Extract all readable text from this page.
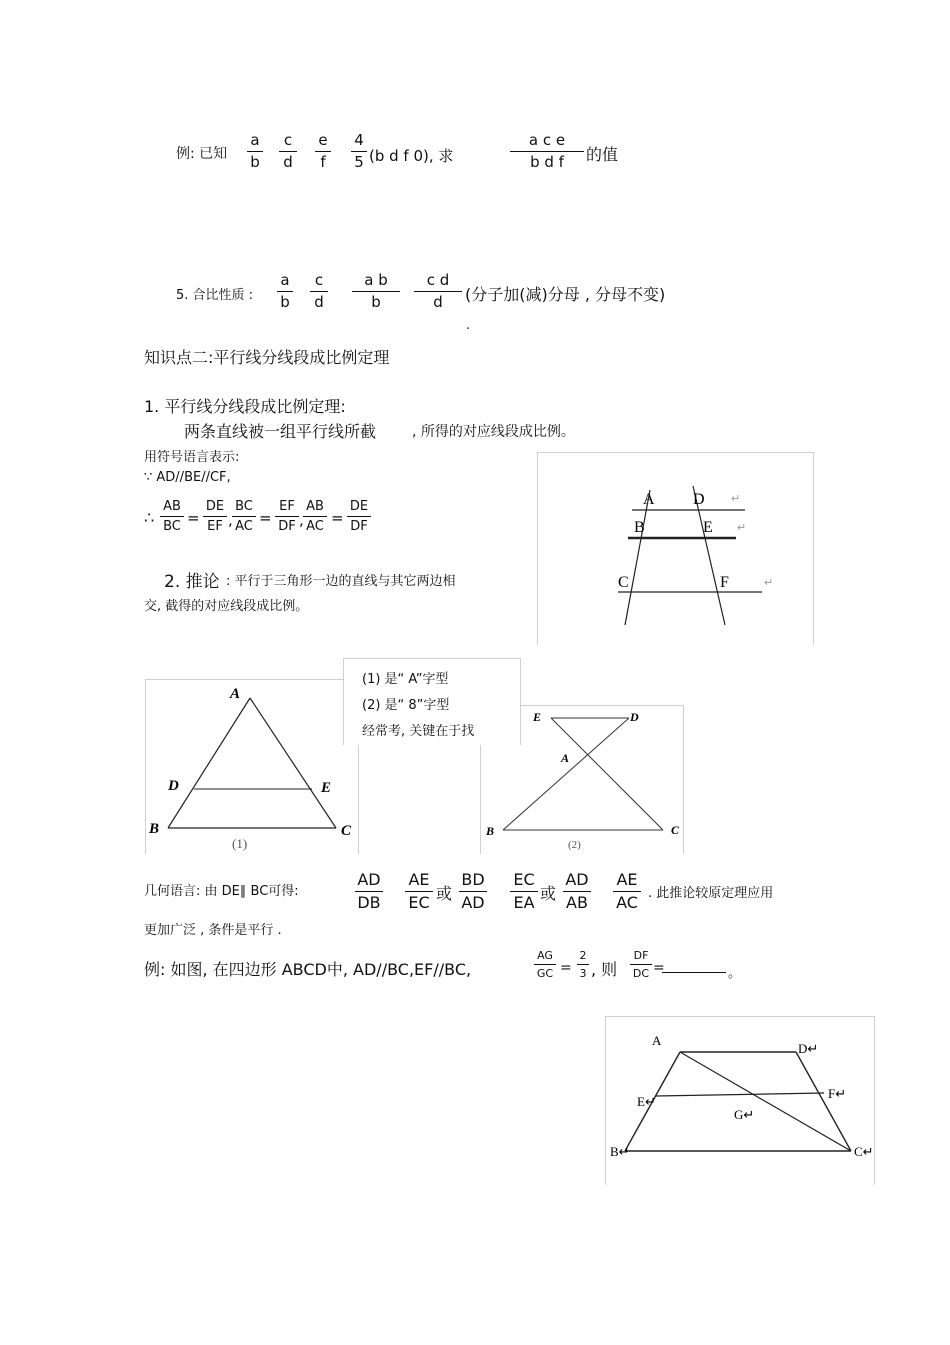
例: 已知
a
b
c
d
e
f
4
5 (b d f 0), 求
a c e
b d f	的值
5. 合比性质 :
a
b
c
d
a b
b
c d
d	(分子加(减)分母 , 分母不变)
.
知识点二:平行线分线段成比例定理
1. 平行线分线段成比例定理:
两条直线被一组平行线所截	, 所得的对应线段成比例。
用符号语言表示:
∵ AD//BE//CF,
∴
AB
BC =
DE
EF ,
BC
AC =
EF
DF ,
AB
AC =
DE
DF
2. 推论 : 平行于三角形一边的直线与其它两边相
交, 截得的对应线段成比例。
A D
B	E
C	F
↵
↵
↵
A
D	E
B	C
(1)
E	D
A
B	C
(2)
(1) 是“ A”字型
(2) 是“ 8”字型
经常考, 关键在于找
几何语言: 由 DE∥ BC可得:
AD
DB
AE
EC 或
BD
AD
EC
EA 或
AD
AB
AE
AC . 此推论较原定理应用
更加广泛 , 条件是平行 .
例: 如图, 在四边形 ABCD中, AD//BC,EF//BC,
AG
GC =
2
3 , 则
DF
DC =	。
A
D↵
E↵
F↵
G↵
B↵	C↵
